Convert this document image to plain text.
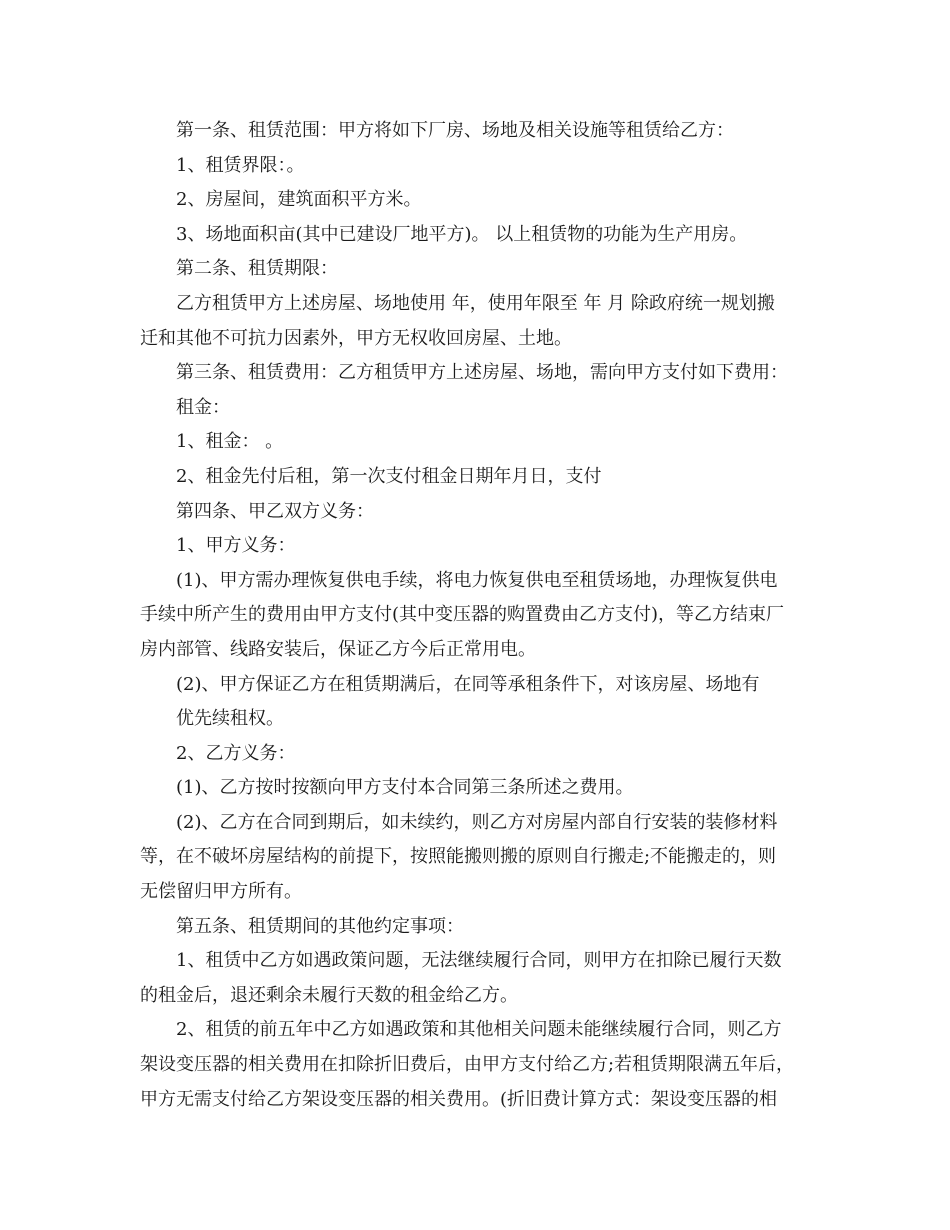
第一条、租赁范围：甲方将如下厂房、场地及相关设施等租赁给乙方：

1、租赁界限：。

2、房屋间，建筑面积平方米。

3、场地面积亩(其中已建设厂地平方)。 以上租赁物的功能为生产用房。

第二条、租赁期限：

乙方租赁甲方上述房屋、场地使用 年，使用年限至 年 月 除政府统一规划搬

迁和其他不可抗力因素外，甲方无权收回房屋、土地。

第三条、租赁费用：乙方租赁甲方上述房屋、场地，需向甲方支付如下费用：

租金：

1、租金： 。

2、租金先付后租，第一次支付租金日期年月日，支付

第四条、甲乙双方义务：

1、甲方义务：

(1)、甲方需办理恢复供电手续，将电力恢复供电至租赁场地，办理恢复供电

手续中所产生的费用由甲方支付(其中变压器的购置费由乙方支付)，等乙方结束厂

房内部管、线路安装后，保证乙方今后正常用电。

(2)、甲方保证乙方在租赁期满后，在同等承租条件下，对该房屋、场地有

优先续租权。

2、乙方义务：

(1)、乙方按时按额向甲方支付本合同第三条所述之费用。

(2)、乙方在合同到期后，如未续约，则乙方对房屋内部自行安装的装修材料

等，在不破坏房屋结构的前提下，按照能搬则搬的原则自行搬走;不能搬走的，则

无偿留归甲方所有。

第五条、租赁期间的其他约定事项：

1、租赁中乙方如遇政策问题，无法继续履行合同，则甲方在扣除已履行天数

的租金后，退还剩余未履行天数的租金给乙方。

2、租赁的前五年中乙方如遇政策和其他相关问题未能继续履行合同，则乙方

架设变压器的相关费用在扣除折旧费后，由甲方支付给乙方;若租赁期限满五年后，

甲方无需支付给乙方架设变压器的相关费用。(折旧费计算方式：架设变压器的相
